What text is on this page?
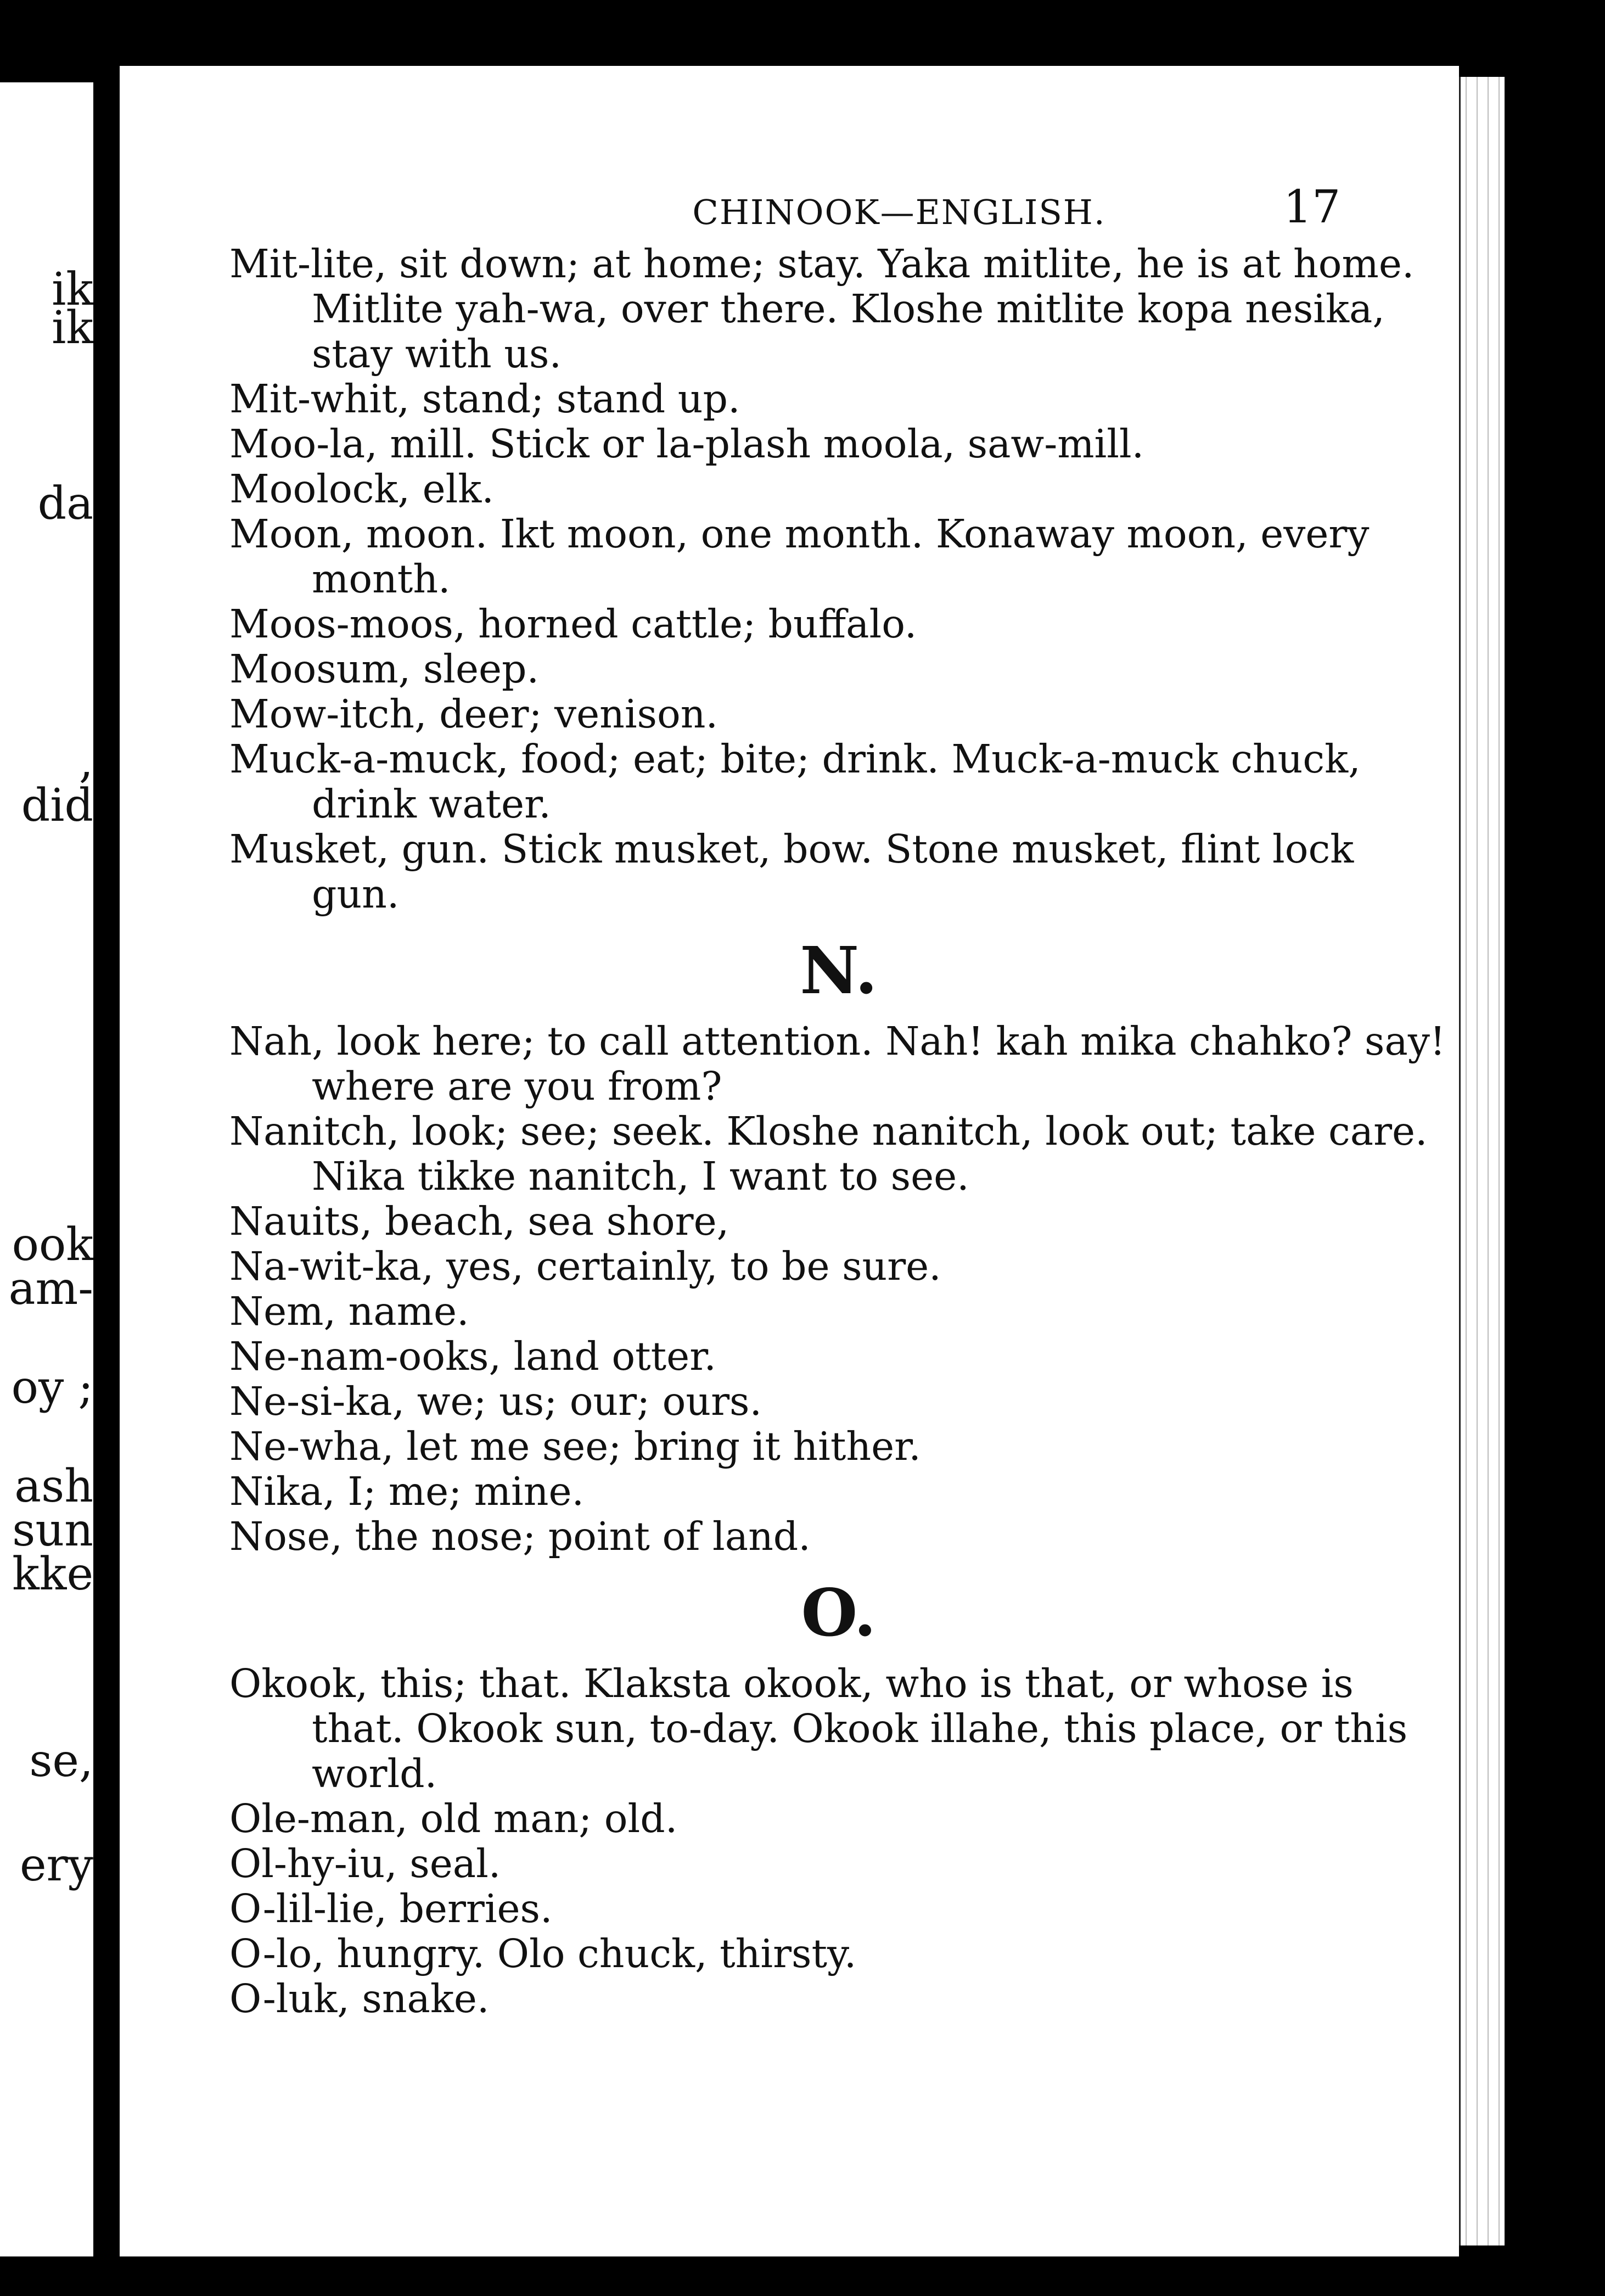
ik
ik
da
,
did
ook
am-
oy ;
ash
sun
kke
se,
ery
CHINOOK—ENGLISH.	17

Mit-lite, sit down; at home; stay. Yaka mitlite, he is at home. Mitlite yah-wa, over there. Kloshe mitlite kopa nesika, stay with us.

Mit-whit, stand; stand up.

Moo-la, mill. Stick or la-plash moola, saw-mill.

Moolock, elk.

Moon, moon. Ikt moon, one month. Konaway moon, every month.

Moos-moos, horned cattle; buffalo.

Moosum, sleep.

Mow-itch, deer; venison.

Muck-a-muck, food; eat; bite; drink. Muck-a-muck chuck, drink water.

Musket, gun. Stick musket, bow. Stone musket, flint lock gun.

N.

Nah, look here; to call attention. Nah! kah mika chahko? say! where are you from?

Nanitch, look; see; seek. Kloshe nanitch, look out; take care. Nika tikke nanitch, I want to see.

Nauits, beach, sea shore,

Na-wit-ka, yes, certainly, to be sure.

Nem, name.

Ne-nam-ooks, land otter.

Ne-si-ka, we; us; our; ours.

Ne-wha, let me see; bring it hither.

Nika, I; me; mine.

Nose, the nose; point of land.

O.

Okook, this; that. Klaksta okook, who is that, or whose is that. Okook sun, to-day. Okook illahe, this place, or this world.

Ole-man, old man; old.

Ol-hy-iu, seal.

O-lil-lie, berries.

O-lo, hungry. Olo chuck, thirsty.

O-luk, snake.
